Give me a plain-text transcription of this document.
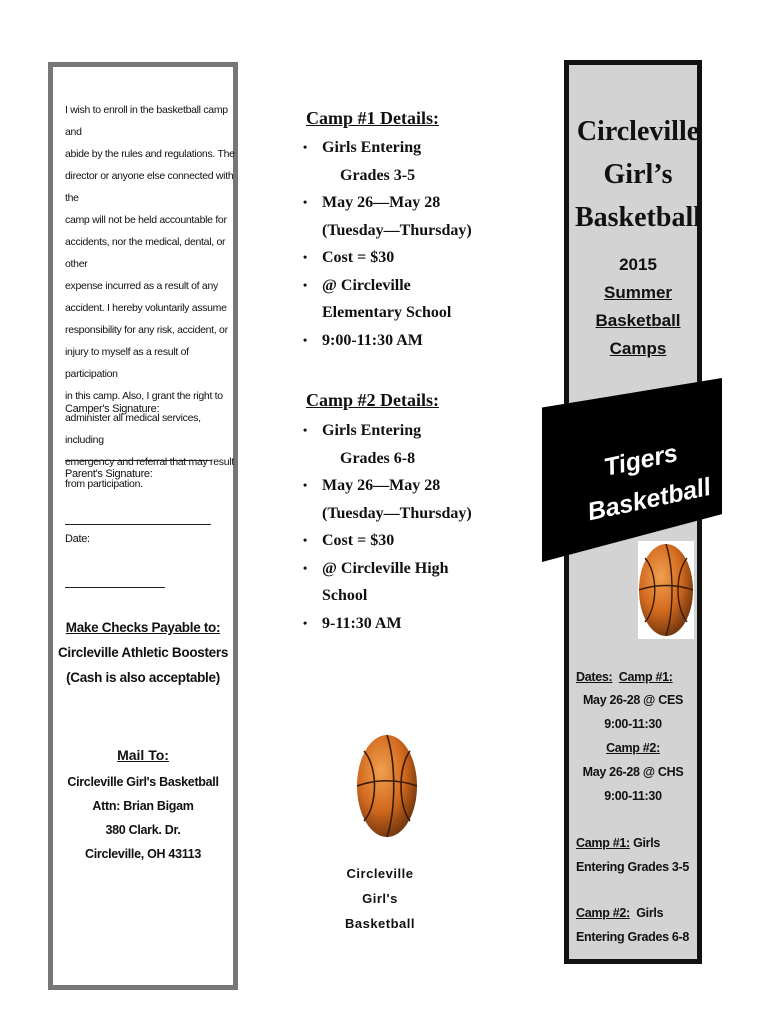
I wish to enroll in the basketball camp and
abide by the rules and regulations. The
director or anyone else connected with the
camp will not be held accountable for
accidents, nor the medical, dental, or other
expense incurred as a result of any
accident. I hereby voluntarily assume
responsibility for any risk, accident, or
injury to myself as a result of participation
in this camp. Also, I grant the right to
administer all medical services, including
emergency and referral that may result
from participation.
Camper's Signature:
Parent's Signature:
Date:
Make Checks Payable to:
Circleville Athletic Boosters
(Cash is also acceptable)
Mail To:
Circleville Girl's Basketball
Attn: Brian Bigam
380 Clark. Dr.
Circleville, OH 43113
Camp #1 Details:
• Girls Entering
Grades 3-5
• May 26—May 28
(Tuesday—Thursday)
• Cost = $30
• @ Circleville
Elementary School
• 9:00-11:30 AM
Camp #2 Details:
• Girls Entering
Grades 6-8
• May 26—May 28
(Tuesday—Thursday)
• Cost = $30
• @ Circleville High
School
• 9-11:30 AM
Circleville
Girl's
Basketball
Circleville
Girl’s
Basketball
2015
Summer
Basketball
Camps
Tigers
Basketball
Dates: Camp #1:
May 26-28 @ CES
9:00-11:30
Camp #2:
May 26-28 @ CHS
9:00-11:30
Camp #1: Girls
Entering Grades 3-5
Camp #2: Girls
Entering Grades 6-8
